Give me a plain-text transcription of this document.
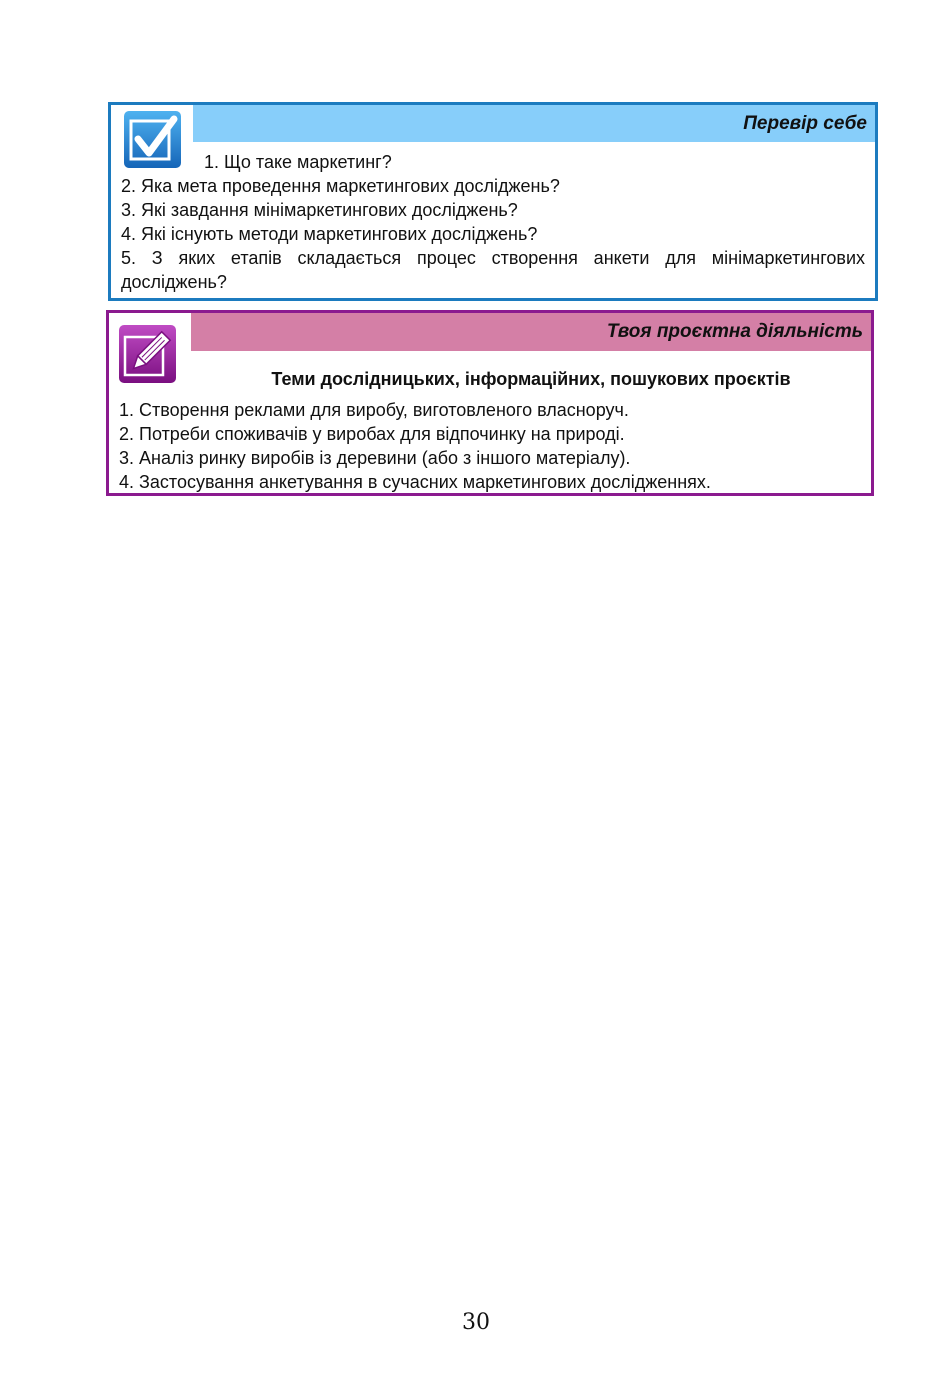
Перевір себе
1. Що таке маркетинг?
2. Яка мета проведення маркетингових досліджень?
3. Які завдання мінімаркетингових досліджень?
4. Які існують методи маркетингових досліджень?
5. З яких етапів складається процес створення анкети для мінімаркетингових досліджень?
Твоя проєктна діяльність
Теми дослідницьких, інформаційних, пошукових проєктів
1. Створення реклами для виробу, виготовленого власноруч.
2. Потреби споживачів у виробах для відпочинку на природі.
3. Аналіз ринку виробів із деревини (або з іншого матеріалу).
4. Застосування анкетування в сучасних маркетингових дослідженнях.
30
